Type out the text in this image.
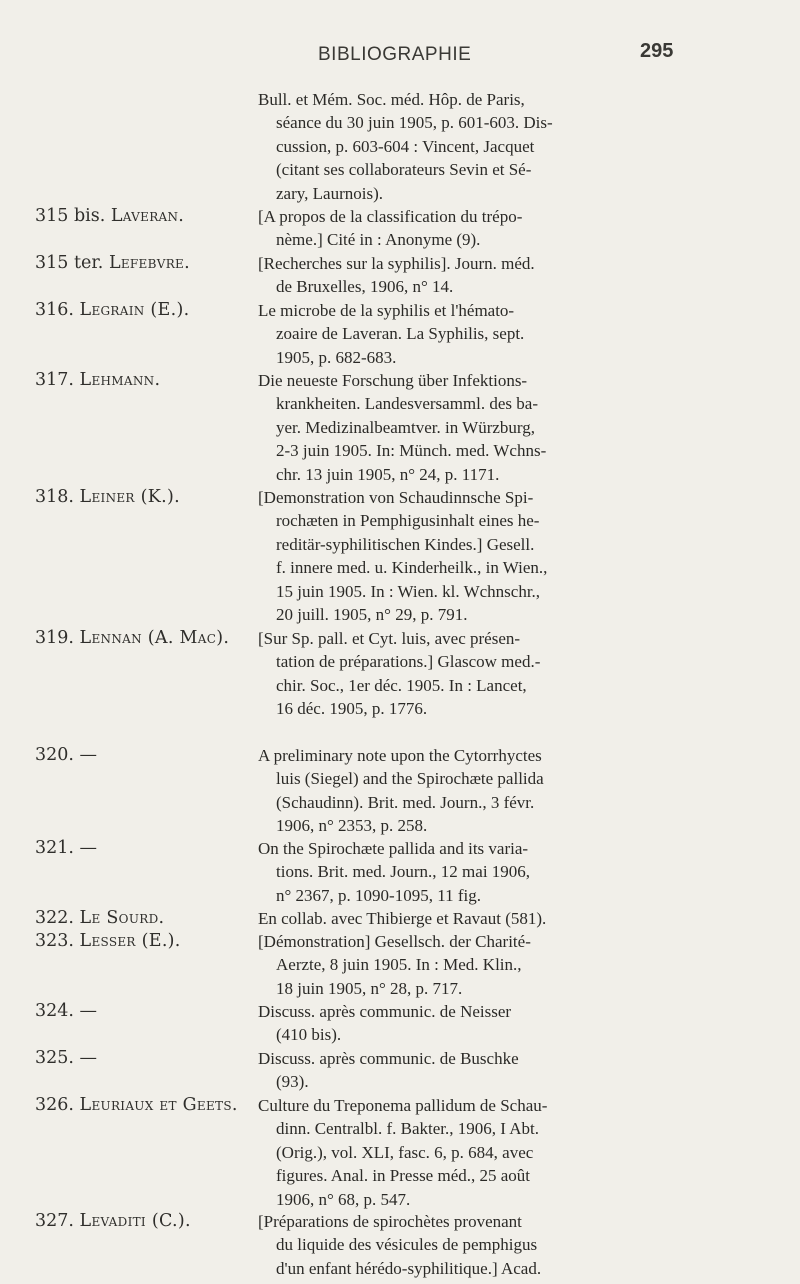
BIBLIOGRAPHIE	295

Bull. et Mém. Soc. méd. Hôp. de Paris,
séance du 30 juin 1905, p. 601-603. Dis-
cussion, p. 603-604 : Vincent, Jacquet
(citant ses collaborateurs Sevin et Sé-
zary, Laurnois).

315 bis. Laveran.	[A propos de la classification du trépo-
nème.] Cité in : Anonyme (9).

315 ter. Lefebvre.	[Recherches sur la syphilis]. Journ. méd.
de Bruxelles, 1906, n° 14.

316. Legrain (E.).	Le microbe de la syphilis et l'hémato-
zoaire de Laveran. La Syphilis, sept.
1905, p. 682-683.

317. Lehmann.	Die neueste Forschung über Infektions-
krankheiten. Landesversamml. des ba-
yer. Medizinalbeamtver. in Würzburg,
2-3 juin 1905. In: Münch. med. Wchns-
chr. 13 juin 1905, n° 24, p. 1171.

318. Leiner (K.).	[Demonstration von Schaudinnsche Spi-
rochæten in Pemphigusinhalt eines he-
reditär-syphilitischen Kindes.] Gesell.
f. innere med. u. Kinderheilk., in Wien.,
15 juin 1905. In : Wien. kl. Wchnschr.,
20 juill. 1905, n° 29, p. 791.

319. Lennan (A. Mac). [Sur Sp. pall. et Cyt. luis, avec présen-
tation de préparations.] Glascow med.-
chir. Soc., 1er déc. 1905. In : Lancet,
16 déc. 1905, p. 1776.

320. —	A preliminary note upon the Cytorrhyctes
luis (Siegel) and the Spirochæte pallida
(Schaudinn). Brit. med. Journ., 3 févr.
1906, n° 2353, p. 258.

321. —	On the Spirochæte pallida and its varia-
tions. Brit. med. Journ., 12 mai 1906,
n° 2367, p. 1090-1095, 11 fig.

322. Le Sourd.	En collab. avec Thibierge et Ravaut (581).

323. Lesser (E.).	[Démonstration] Gesellsch. der Charité-
Aerzte, 8 juin 1905. In : Med. Klin.,
18 juin 1905, n° 28, p. 717.

324. —	Discuss. après communic. de Neisser
(410 bis).

325. —	Discuss. après communic. de Buschke
(93).

326. Leuriaux et Geets. Culture du Treponema pallidum de Schau-
dinn. Centralbl. f. Bakter., 1906, I Abt.
(Orig.), vol. XLI, fasc. 6, p. 684, avec
figures. Anal. in Presse méd., 25 août
1906, n° 68, p. 547.

327. Levaditi (C.).	[Préparations de spirochètes provenant
du liquide des vésicules de pemphigus
d'un enfant hérédo-syphilitique.] Acad.
